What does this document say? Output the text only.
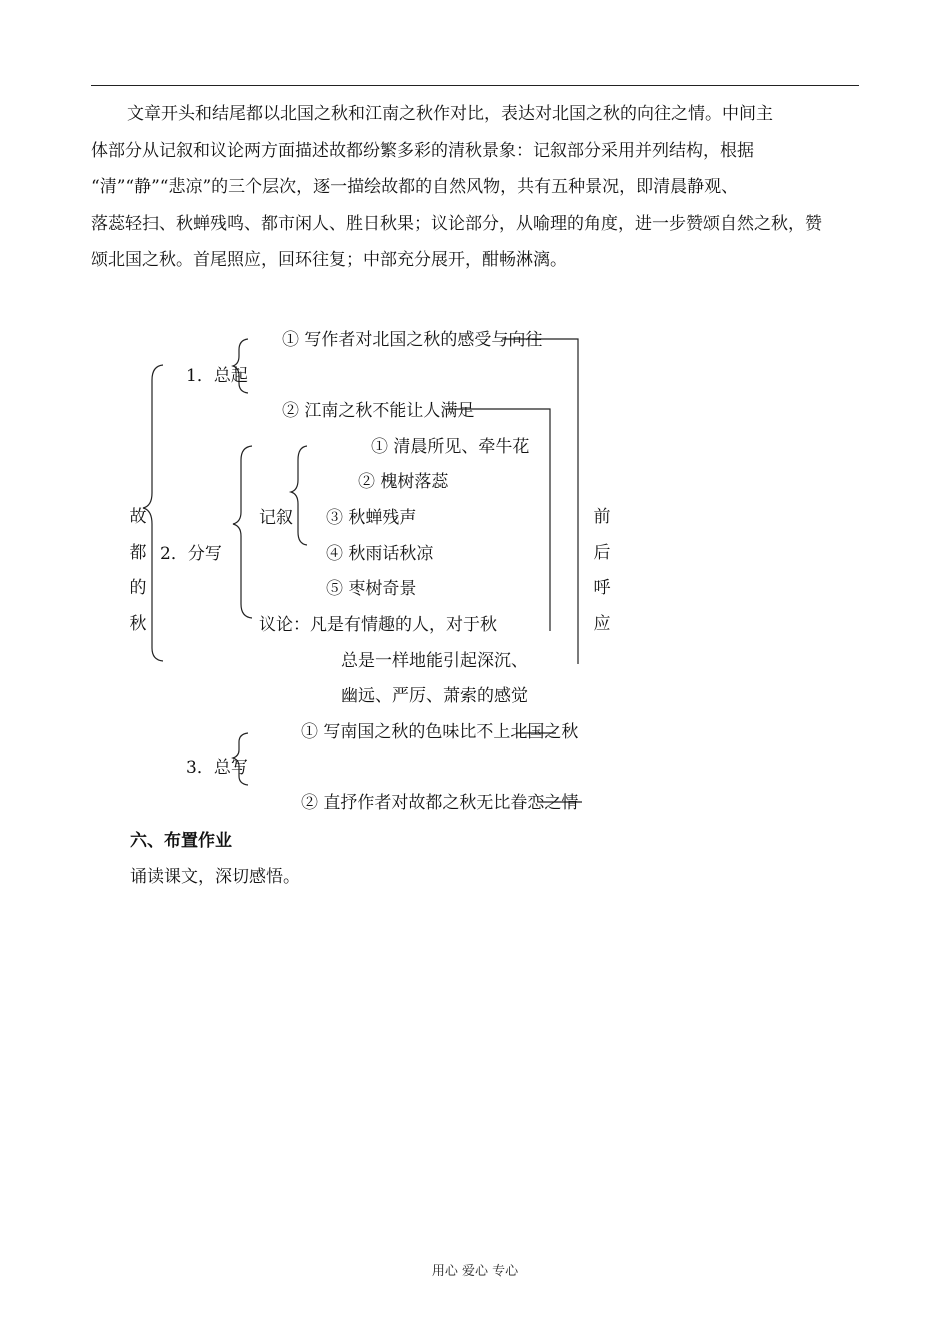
文章开头和结尾都以北国之秋和江南之秋作对比，表达对北国之秋的向往之情。中间主

体部分从记叙和议论两方面描述故都纷繁多彩的清秋景象：记叙部分采用并列结构，根据

“清”“静”“悲凉”的三个层次，逐一描绘故都的自然风物，共有五种景况，即清晨静观、

落蕊轻扫、秋蝉残鸣、都市闲人、胜日秋果；议论部分，从喻理的角度，进一步赞颂自然之秋，赞

颂北国之秋。首尾照应，回环往复；中部充分展开，酣畅淋漓。

故
都
的
秋
前
后
呼
应
① 写作者对北国之秋的感受与向往
1．总起
② 江南之秋不能让人满足
① 清晨所见、牵牛花
② 槐树落蕊
记叙 ③ 秋蝉残声
2．分写	④ 秋雨话秋凉
⑤ 枣树奇景
议论：凡是有情趣的人，对于秋
总是一样地能引起深沉、
幽远、严厉、萧索的感觉
① 写南国之秋的色味比不上北国之秋
3．总写
② 直抒作者对故都之秋无比眷恋之情
六、布置作业
诵读课文，深切感悟。
用心 爱心 专心
